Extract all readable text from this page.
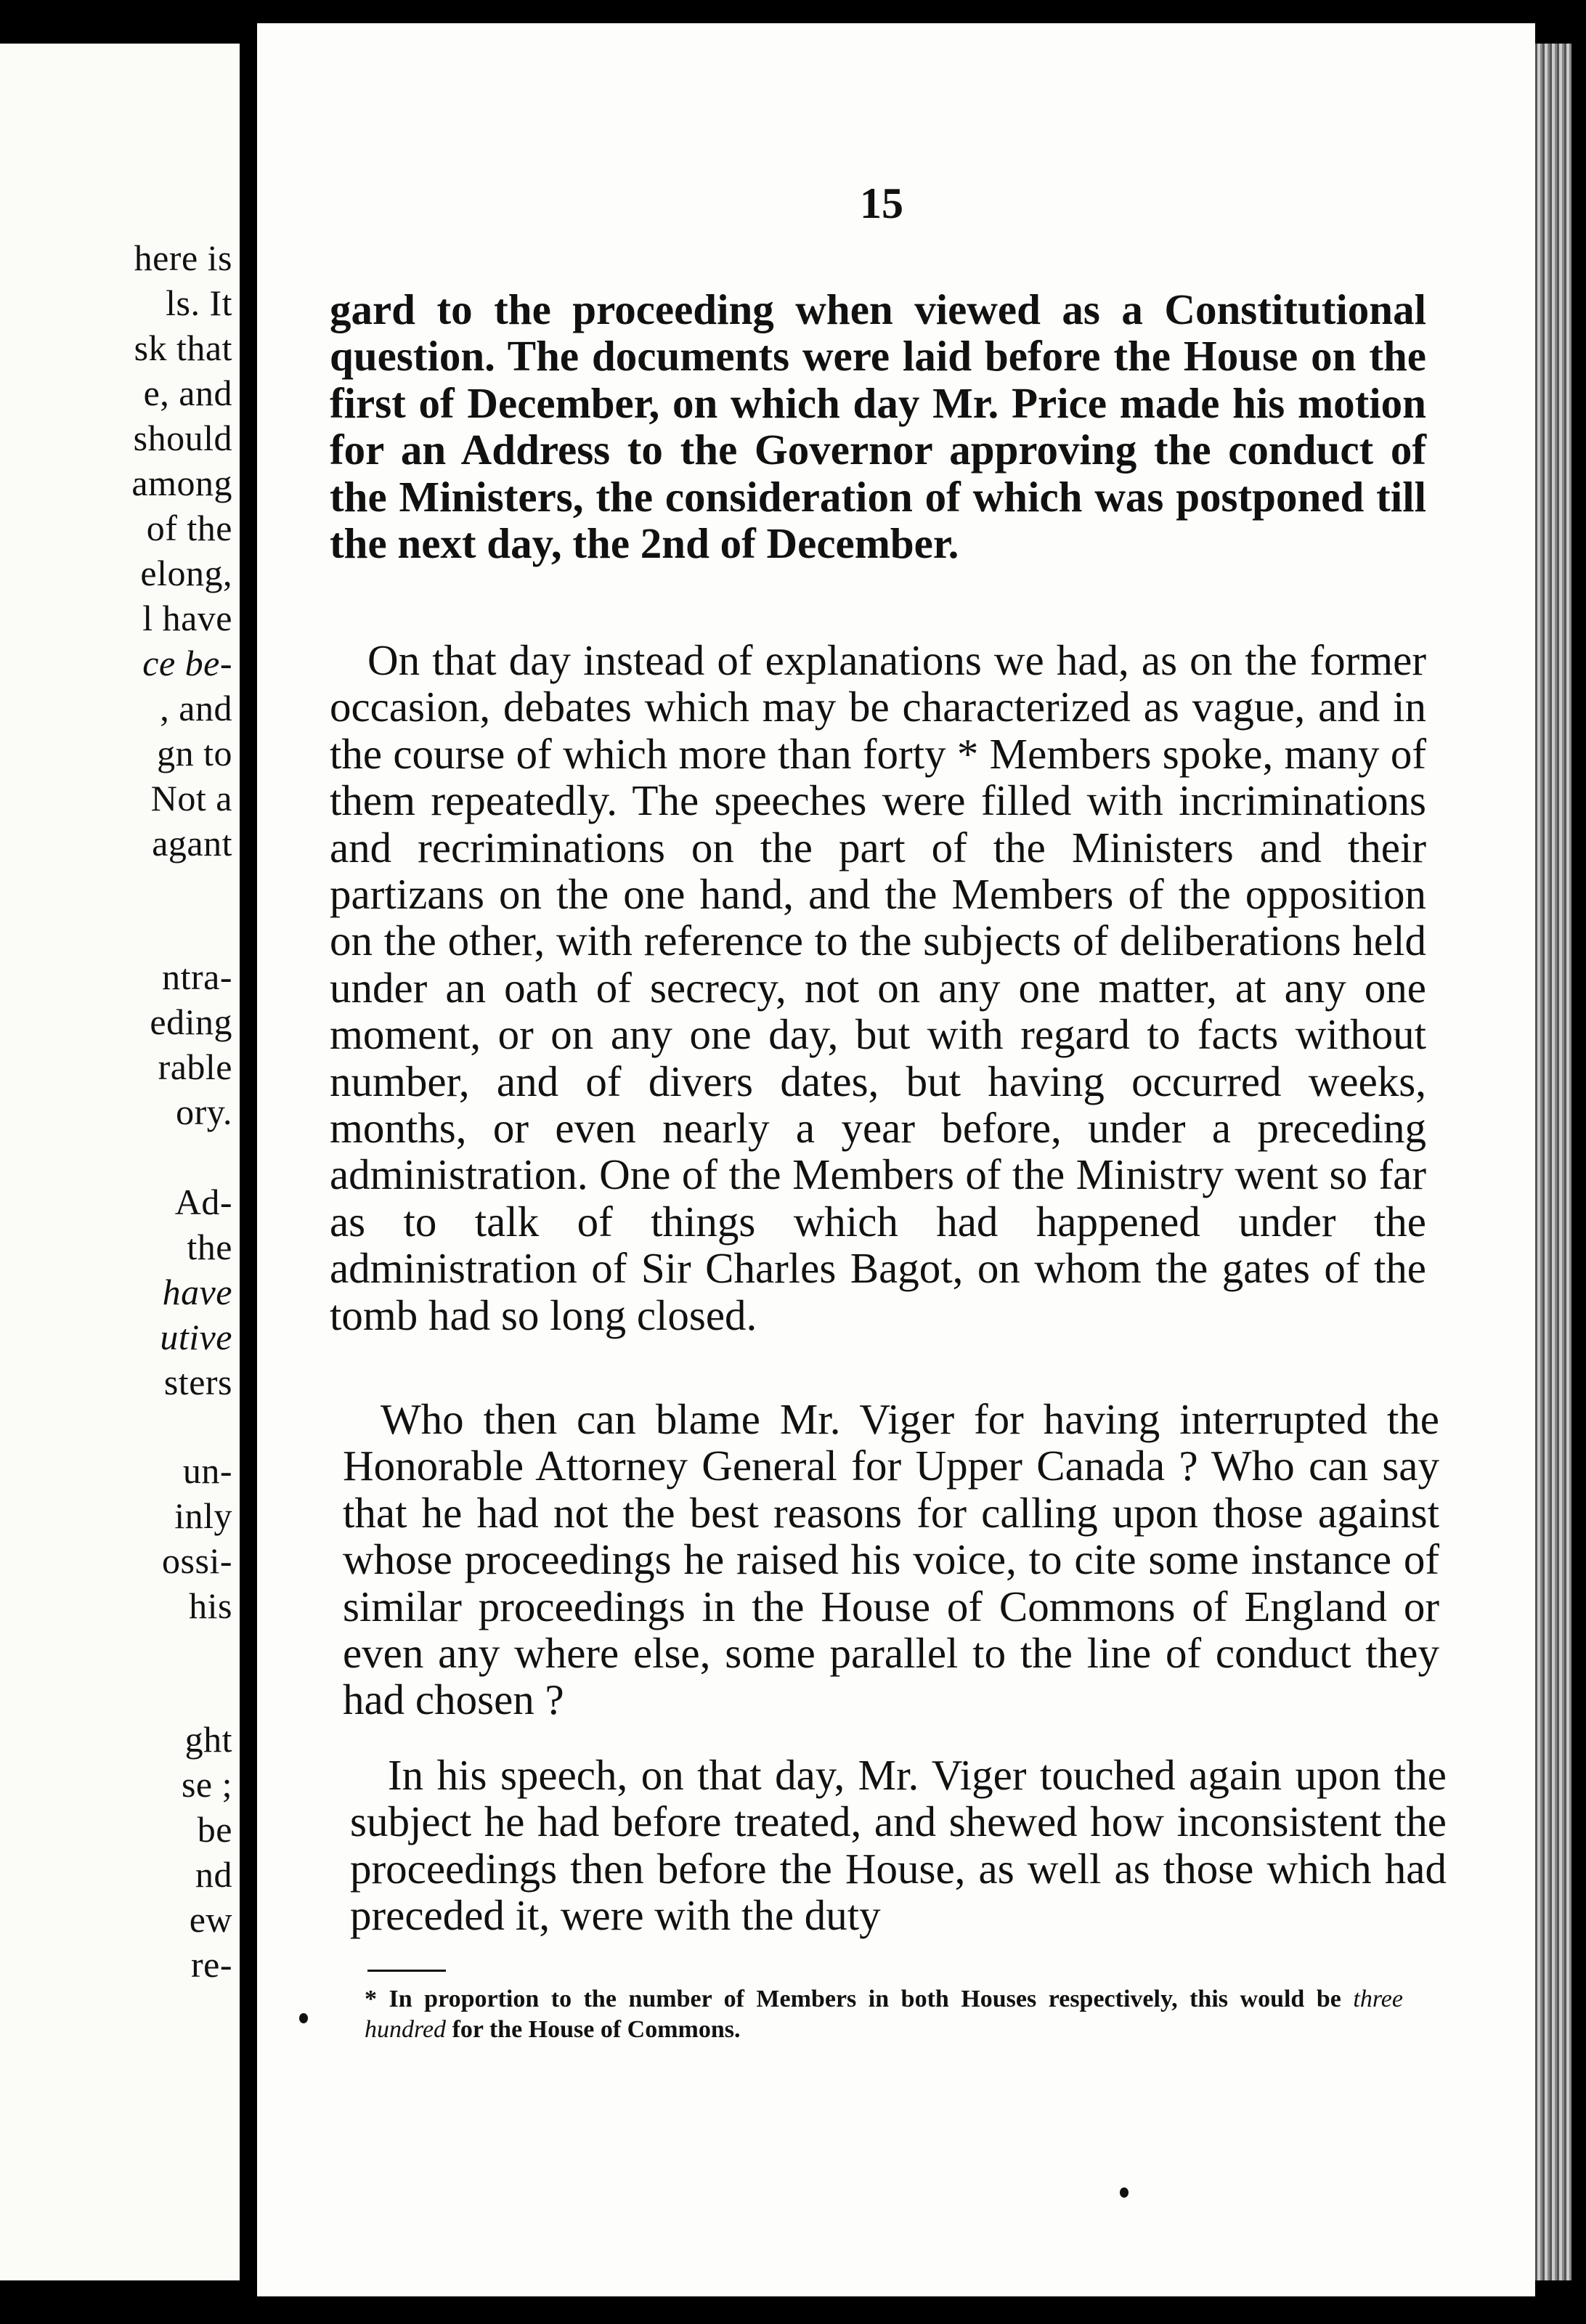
here is
ls. It
sk that
e, and
should
among
of the
elong,
l have
ce be-
, and
gn to
Not a
agant
ntra-
eding
rable
ory.
Ad-
the
have
utive
sters
un-
inly
ossi-
his
ght
se ;
be
nd
ew
re-
15

gard to the proceeding when viewed as a Constitutional question. The documents were laid before the House on the first of December, on which day Mr. Price made his motion for an Address to the Governor approving the conduct of the Ministers, the consideration of which was postponed till the next day, the 2nd of December.

On that day instead of explanations we had, as on the former occasion, debates which may be characterized as vague, and in the course of which more than forty * Members spoke, many of them repeatedly. The speeches were filled with incriminations and recriminations on the part of the Ministers and their partizans on the one hand, and the Members of the opposition on the other, with reference to the subjects of deliberations held under an oath of secrecy, not on any one matter, at any one moment, or on any one day, but with regard to facts without number, and of divers dates, but having occurred weeks, months, or even nearly a year before, under a preceding administration. One of the Members of the Ministry went so far as to talk of things which had happened under the administration of Sir Charles Bagot, on whom the gates of the tomb had so long closed.

Who then can blame Mr. Viger for having interrupted the Honorable Attorney General for Upper Canada ? Who can say that he had not the best reasons for calling upon those against whose proceedings he raised his voice, to cite some instance of similar proceedings in the House of Commons of England or even any where else, some parallel to the line of conduct they had chosen ?

In his speech, on that day, Mr. Viger touched again upon the subject he had before treated, and shewed how inconsistent the proceedings then before the House, as well as those which had preceded it, were with the duty

* In proportion to the number of Members in both Houses respectively, this would be three hundred for the House of Commons.
